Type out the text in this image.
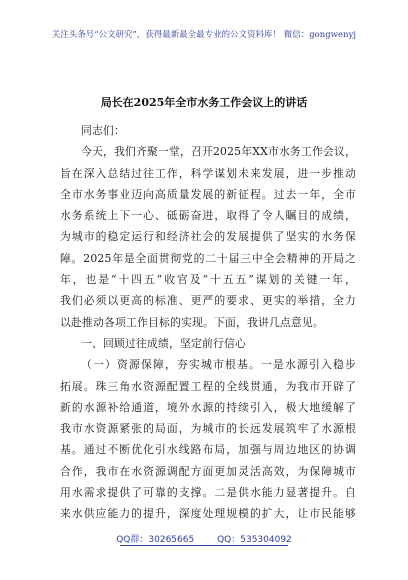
关注头条号“公文研究”，获得最新最全最专业的公文资料库！ 微信：gongwenyj
局长在2025年全市水务工作会议上的讲话
同志们：
今天，我们齐聚一堂，召开2025年XX市水务工作会议，
旨在深入总结过往工作，科学谋划未来发展，进一步推动
全市水务事业迈向高质量发展的新征程。过去一年，全市
水务系统上下一心、砥砺奋进，取得了令人瞩目的成绩，
为城市的稳定运行和经济社会的发展提供了坚实的水务保
障。2025年是全面贯彻党的二十届三中全会精神的开局之
年，也是“十四五”收官及“十五五”谋划的关键一年，
我们必须以更高的标准、更严的要求、更实的举措，全力
以赴推动各项工作目标的实现。下面，我讲几点意见。
一、回顾过往成绩，坚定前行信心
（一）资源保障，夯实城市根基。一是水源引入稳步
拓展。珠三角水资源配置工程的全线贯通，为我市开辟了
新的水源补给通道，境外水源的持续引入，极大地缓解了
我市水资源紧张的局面，为城市的长远发展筑牢了水源根
基。通过不断优化引水线路布局，加强与周边地区的协调
合作，我市在水资源调配方面更加灵活高效，为保障城市
用水需求提供了可靠的支撑。二是供水能力显著提升。自
来水供应能力的提升，深度处理规模的扩大，让市民能够
QQ群：30265665	QQ：535304092
